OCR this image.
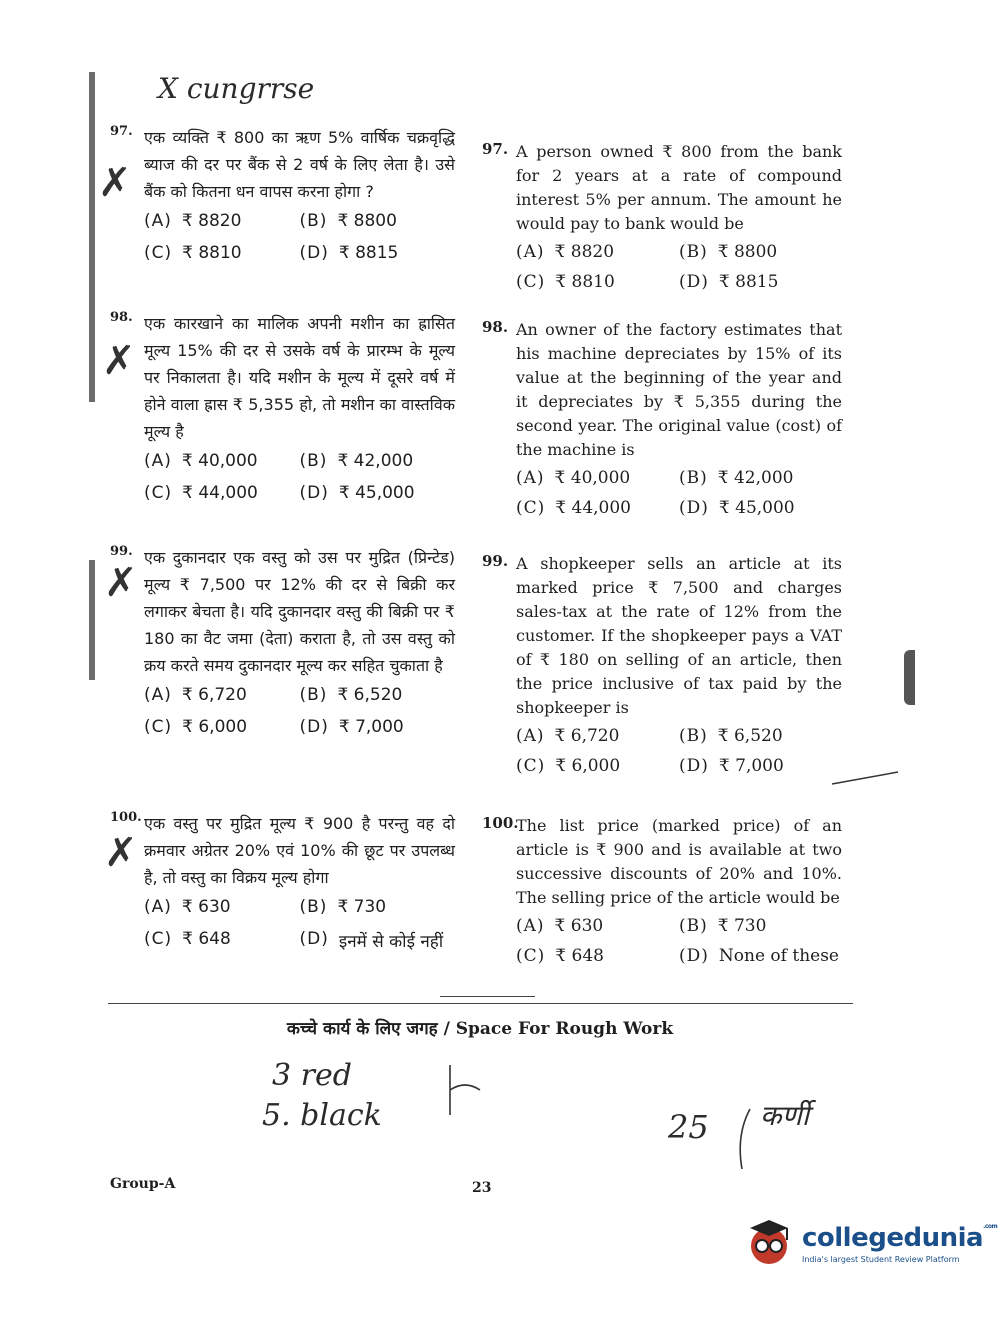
X cungrrse
97. एक व्यक्ति ₹ 800 का ऋण 5% वार्षिक चक्रवृद्धि ब्याज की दर पर बैंक से 2 वर्ष के लिए लेता है। उसे बैंक को कितना धन वापस करना होगा ?
(A) ₹ 8820	(B) ₹ 8800
(C) ₹ 8810	(D) ₹ 8815
✗
98. एक कारखाने का मालिक अपनी मशीन का ह्रासित मूल्य 15% की दर से उसके वर्ष के प्रारम्भ के मूल्य पर निकालता है। यदि मशीन के मूल्य में दूसरे वर्ष में होने वाला ह्रास ₹ 5,355 हो, तो मशीन का वास्तविक मूल्य है
(A) ₹ 40,000 (B) ₹ 42,000
(C) ₹ 44,000 (D) ₹ 45,000
✗
99. एक दुकानदार एक वस्तु को उस पर मुद्रित (प्रिन्टेड) मूल्य ₹ 7,500 पर 12% की दर से बिक्री कर लगाकर बेचता है। यदि दुकानदार वस्तु की बिक्री पर ₹ 180 का वैट जमा (देता) कराता है, तो उस वस्तु को क्रय करते समय दुकानदार मूल्य कर सहित चुकाता है
(A) ₹ 6,720	(B) ₹ 6,520
(C) ₹ 6,000	(D) ₹ 7,000
✗
100. एक वस्तु पर मुद्रित मूल्य ₹ 900 है परन्तु वह दो क्रमवार अग्रेतर 20% एवं 10% की छूट पर उपलब्ध है, तो वस्तु का विक्रय मूल्य होगा
(A) ₹ 630	(B) ₹ 730
(C) ₹ 648	(D) इनमें से कोई नहीं
✗
97. A person owned ₹ 800 from the bank for 2 years at a rate of compound interest 5% per annum. The amount he would pay to bank would be
(A) ₹ 8820	(B) ₹ 8800
(C) ₹ 8810	(D) ₹ 8815
98. An owner of the factory estimates that his machine depreciates by 15% of its value at the beginning of the year and it depreciates by ₹ 5,355 during the second year. The original value (cost) of the machine is
(A) ₹ 40,000	(B) ₹ 42,000
(C) ₹ 44,000	(D) ₹ 45,000
99. A shopkeeper sells an article at its marked price ₹ 7,500 and charges sales-tax at the rate of 12% from the customer. If the shopkeeper pays a VAT of ₹ 180 on selling of an article, then the price inclusive of tax paid by the shopkeeper is
(A) ₹ 6,720	(B) ₹ 6,520
(C) ₹ 6,000	(D) ₹ 7,000
100.
The list price (marked price) of an article is ₹ 900 and is available at two successive discounts of 20% and 10%. The selling price of the article would be
(A) ₹ 630	(B) ₹ 730
(C) ₹ 648	(D) None of these
कच्चे कार्य के लिए जगह / Space For Rough Work
3 red
5. black	25 कर्णी
Group-A	23
collegedunia$^{.com}$
India's largest Student Review Platform
